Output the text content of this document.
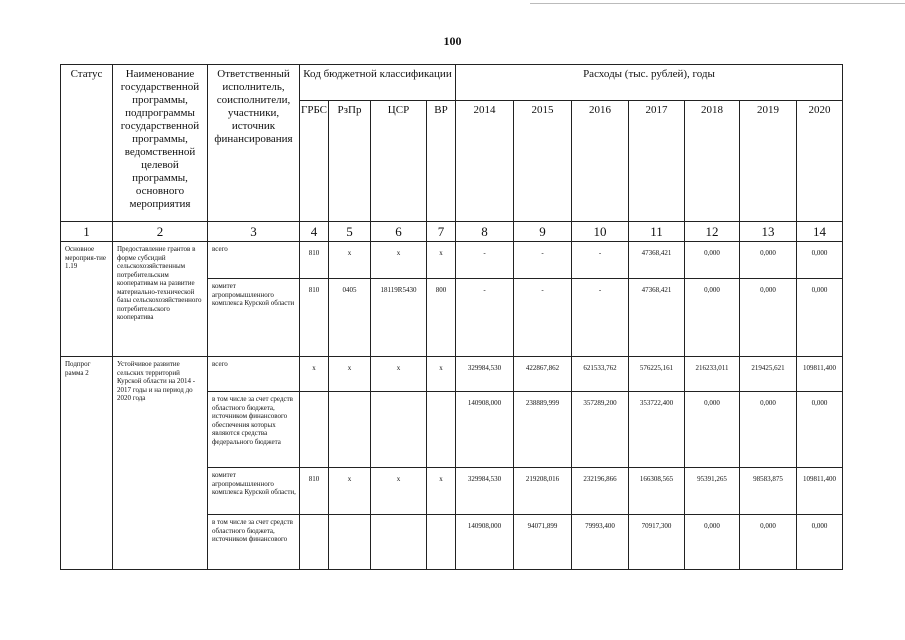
100
Статус	Наименование государственной программы, подпрограммы государственной программы, ведомственной целевой программы, основного мероприятия	Ответственный исполнитель, соисполнители, участники, источник финансирования	Код бюджетной классификации				Расходы (тыс. рублей), годы						
			ГРБС	РзПр	ЦСР	ВР	2014	2015	2016	2017	2018	2019	2020
1	2	3	4	5	6	7	8	9	10	11	12	13	14
Основное мероприя-тие 1.19	Предоставление грантов в форме субсидий сельскохозяйственным потребительским кооперативам на развитие материально-технической базы сельскохозяйственного потребительского кооператива	всего	810	х	х	х	-	-	-	47368,421	0,000	0,000	0,000
		комитет агропромышленного комплекса Курской области	810	0405	18119R5430	800	-	-	-	47368,421	0,000	0,000	0,000
Подпрог рамма 2	Устойчивое развитие сельских территорий Курской области на 2014 - 2017 годы и на период до 2020 года	всего	х	х	х	х	329984,530	422867,862	621533,762	576225,161	216233,011	219425,621	109811,400
		в том числе за счет средств областного бюджета, источником финансового обеспечения которых являются средства федерального бюджета					140908,000	238889,999	357289,200	353722,400	0,000	0,000	0,000
		комитет агропромышленного комплекса Курской области,	810	х	х	х	329984,530	219208,016	232196,866	166308,565	95391,265	98583,875	109811,400
		в том числе за счет средств областного бюджета, источником финансового					140908,000	94071,899	79993,400	70917,300	0,000	0,000	0,000
